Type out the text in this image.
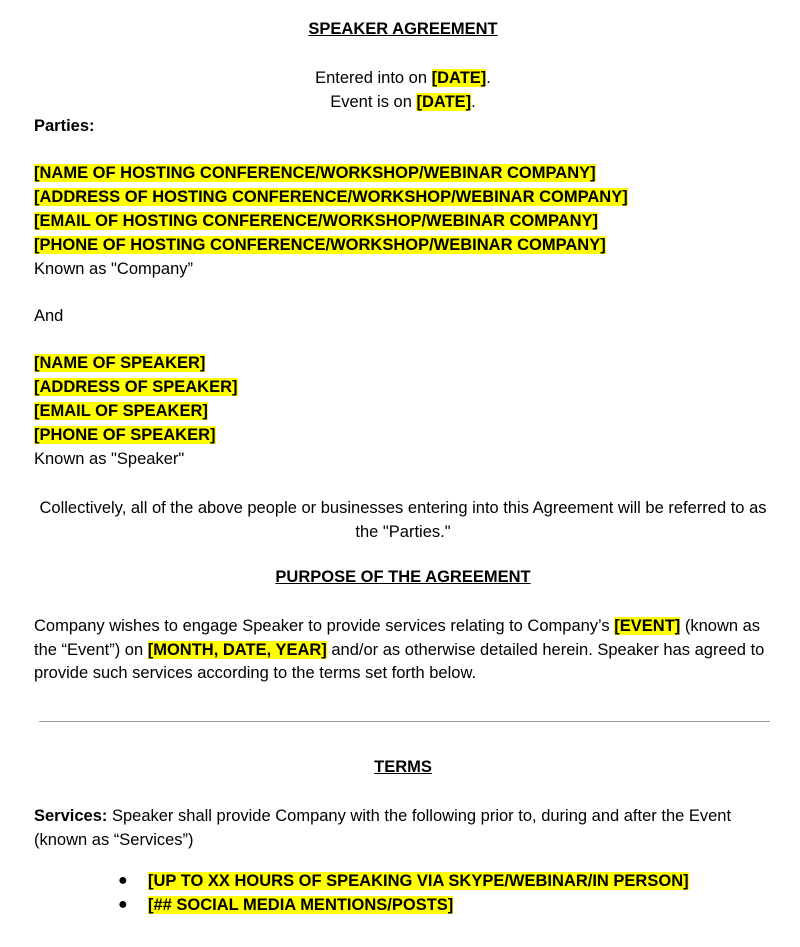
SPEAKER AGREEMENT
Entered into on [DATE].
Event is on [DATE].
Parties:
[NAME OF HOSTING CONFERENCE/WORKSHOP/WEBINAR COMPANY]
[ADDRESS OF HOSTING CONFERENCE/WORKSHOP/WEBINAR COMPANY]
[EMAIL OF HOSTING CONFERENCE/WORKSHOP/WEBINAR COMPANY]
[PHONE OF HOSTING CONFERENCE/WORKSHOP/WEBINAR COMPANY]
Known as "Company”
And
[NAME OF SPEAKER]
[ADDRESS OF SPEAKER]
[EMAIL OF SPEAKER]
[PHONE OF SPEAKER]
Known as "Speaker"
Collectively, all of the above people or businesses entering into this Agreement will be referred to as the "Parties."
PURPOSE OF THE AGREEMENT
Company wishes to engage Speaker to provide services relating to Company’s [EVENT] (known as the “Event”) on [MONTH, DATE, YEAR] and/or as otherwise detailed herein. Speaker has agreed to provide such services according to the terms set forth below.
TERMS
Services: Speaker shall provide Company with the following prior to, during and after the Event (known as “Services”)
● [UP TO XX HOURS OF SPEAKING VIA SKYPE/WEBINAR/IN PERSON]
● [## SOCIAL MEDIA MENTIONS/POSTS]
